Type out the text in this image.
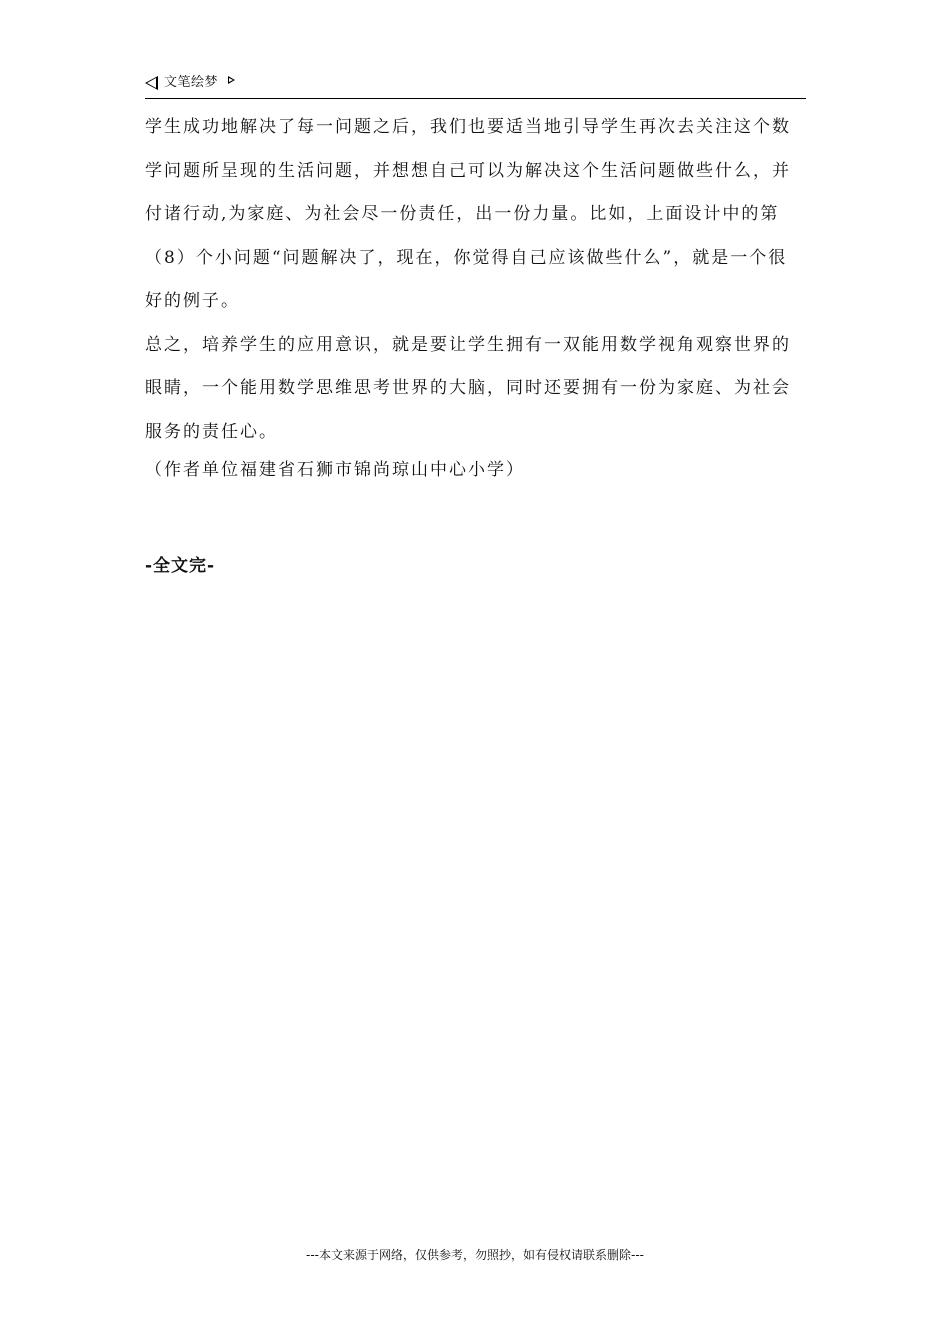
文笔绘梦
学生成功地解决了每一问题之后，我们也要适当地引导学生再次去关注这个数
学问题所呈现的生活问题，并想想自己可以为解决这个生活问题做些什么，并
付诸行动,为家庭、为社会尽一份责任，出一份力量。比如，上面设计中的第
（8）个小问题“问题解决了，现在，你觉得自己应该做些什么”，就是一个很
好的例子。
总之，培养学生的应用意识，就是要让学生拥有一双能用数学视角观察世界的
眼睛，一个能用数学思维思考世界的大脑，同时还要拥有一份为家庭、为社会
服务的责任心。
（作者单位福建省石狮市锦尚琼山中心小学）
-全文完-
---本文来源于网络，仅供参考，勿照抄，如有侵权请联系删除---
